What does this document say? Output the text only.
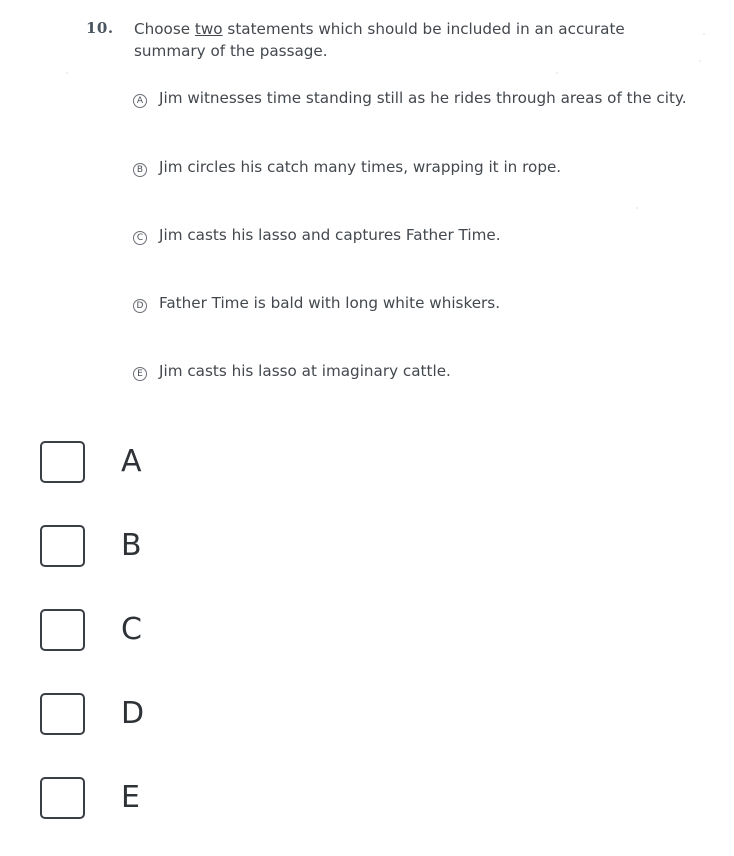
10.	Choose two statements which should be included in an accurate summary of the passage.
A	Jim witnesses time standing still as he rides through areas of the city.
B	Jim circles his catch many times, wrapping it in rope.
C	Jim casts his lasso and captures Father Time.
D	Father Time is bald with long white whiskers.
E	Jim casts his lasso at imaginary cattle.
A
B
C
D
E
